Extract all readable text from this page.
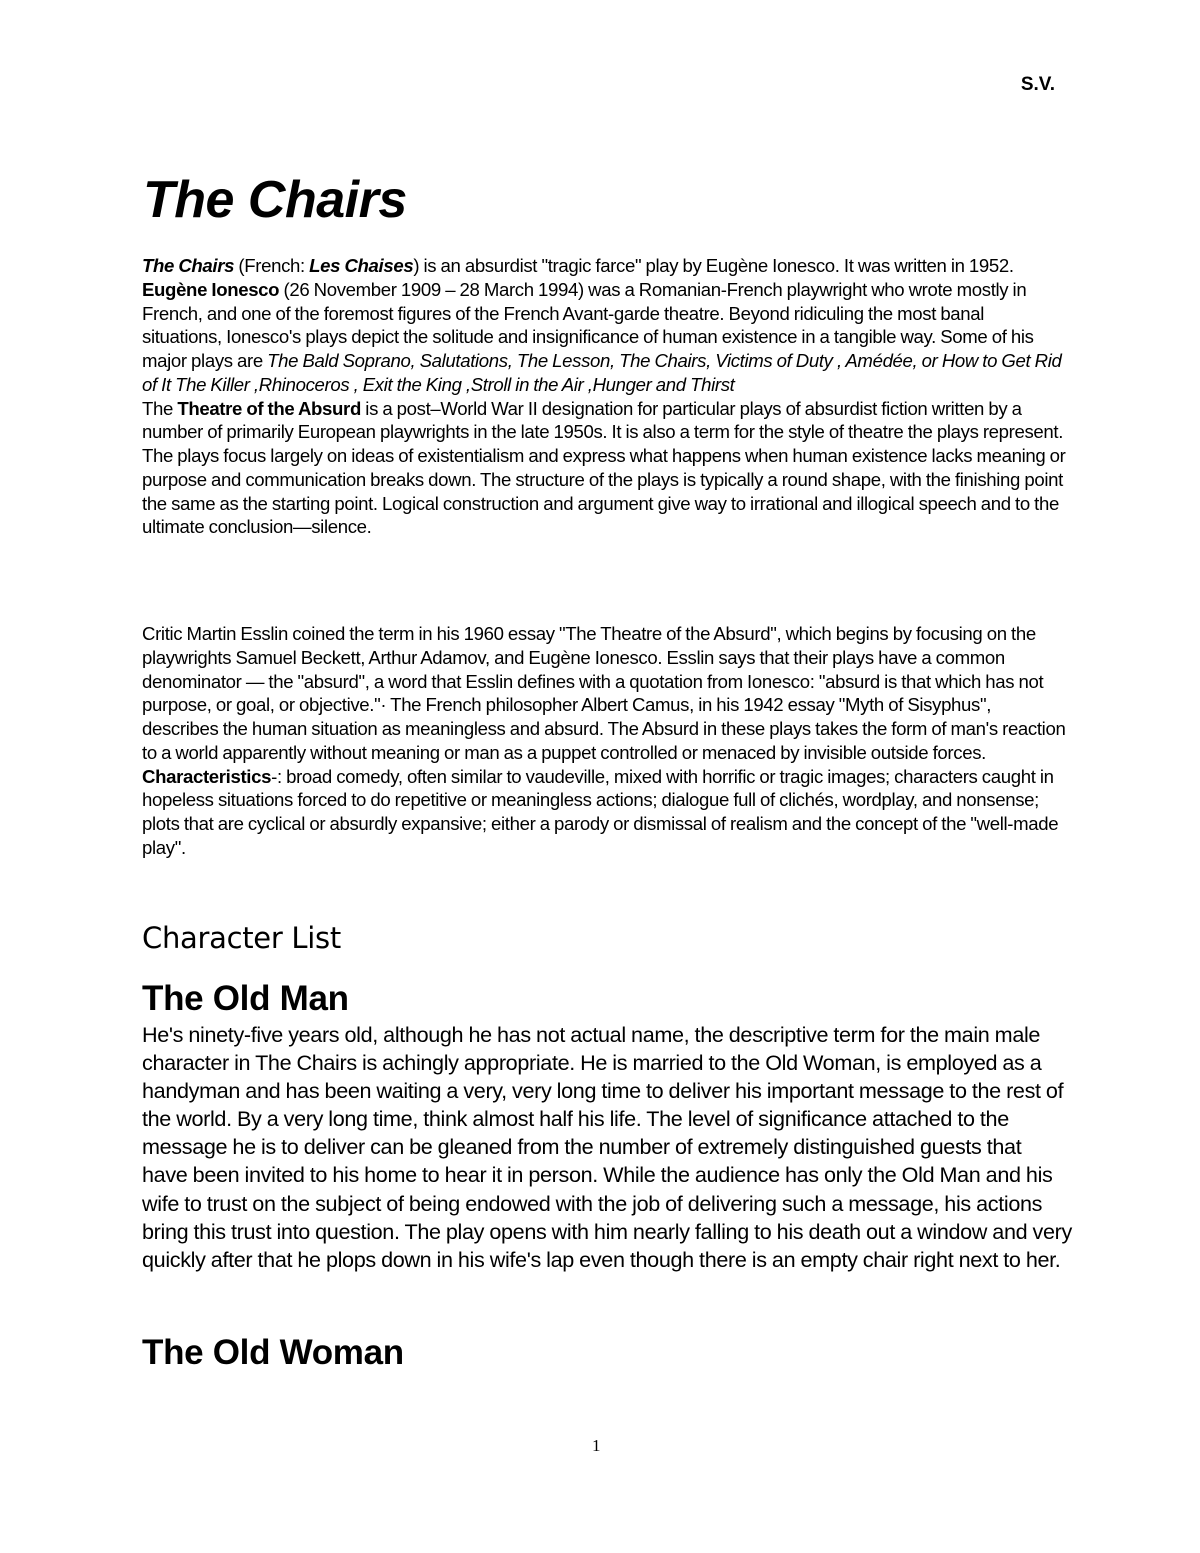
S.V.
The Chairs

The Chairs (French: Les Chaises) is an absurdist "tragic farce" play by Eugène Ionesco. It was written in 1952. Eugène Ionesco (26 November 1909 – 28 March 1994) was a Romanian-French playwright who wrote mostly in French, and one of the foremost figures of the French Avant-garde theatre. Beyond ridiculing the most banal situations, Ionesco's plays depict the solitude and insignificance of human existence in a tangible way. Some of his major plays are The Bald Soprano, Salutations, The Lesson, The Chairs, Victims of Duty , Amédée, or How to Get Rid of It The Killer ,Rhinoceros , Exit the King ,Stroll in the Air ,Hunger and Thirst

The Theatre of the Absurd is a post–World War II designation for particular plays of absurdist fiction written by a number of primarily European playwrights in the late 1950s. It is also a term for the style of theatre the plays represent. The plays focus largely on ideas of existentialism and express what happens when human existence lacks meaning or purpose and communication breaks down. The structure of the plays is typically a round shape, with the finishing point the same as the starting point. Logical construction and argument give way to irrational and illogical speech and to the ultimate conclusion—silence.

Critic Martin Esslin coined the term in his 1960 essay "The Theatre of the Absurd", which begins by focusing on the playwrights Samuel Beckett, Arthur Adamov, and Eugène Ionesco. Esslin says that their plays have a common denominator — the "absurd", a word that Esslin defines with a quotation from Ionesco: "absurd is that which has not purpose, or goal, or objective."· The French philosopher Albert Camus, in his 1942 essay "Myth of Sisyphus", describes the human situation as meaningless and absurd. The Absurd in these plays takes the form of man's reaction to a world apparently without meaning or man as a puppet controlled or menaced by invisible outside forces. Characteristics-: broad comedy, often similar to vaudeville, mixed with horrific or tragic images; characters caught in hopeless situations forced to do repetitive or meaningless actions; dialogue full of clichés, wordplay, and nonsense; plots that are cyclical or absurdly expansive; either a parody or dismissal of realism and the concept of the "well-made play".

Character List
The Old Man

He's ninety-five years old, although he has not actual name, the descriptive term for the main male character in The Chairs is achingly appropriate. He is married to the Old Woman, is employed as a handyman and has been waiting a very, very long time to deliver his important message to the rest of the world. By a very long time, think almost half his life. The level of significance attached to the message he is to deliver can be gleaned from the number of extremely distinguished guests that have been invited to his home to hear it in person. While the audience has only the Old Man and his wife to trust on the subject of being endowed with the job of delivering such a message, his actions bring this trust into question. The play opens with him nearly falling to his death out a window and very quickly after that he plops down in his wife's lap even though there is an empty chair right next to her.

The Old Woman
1
